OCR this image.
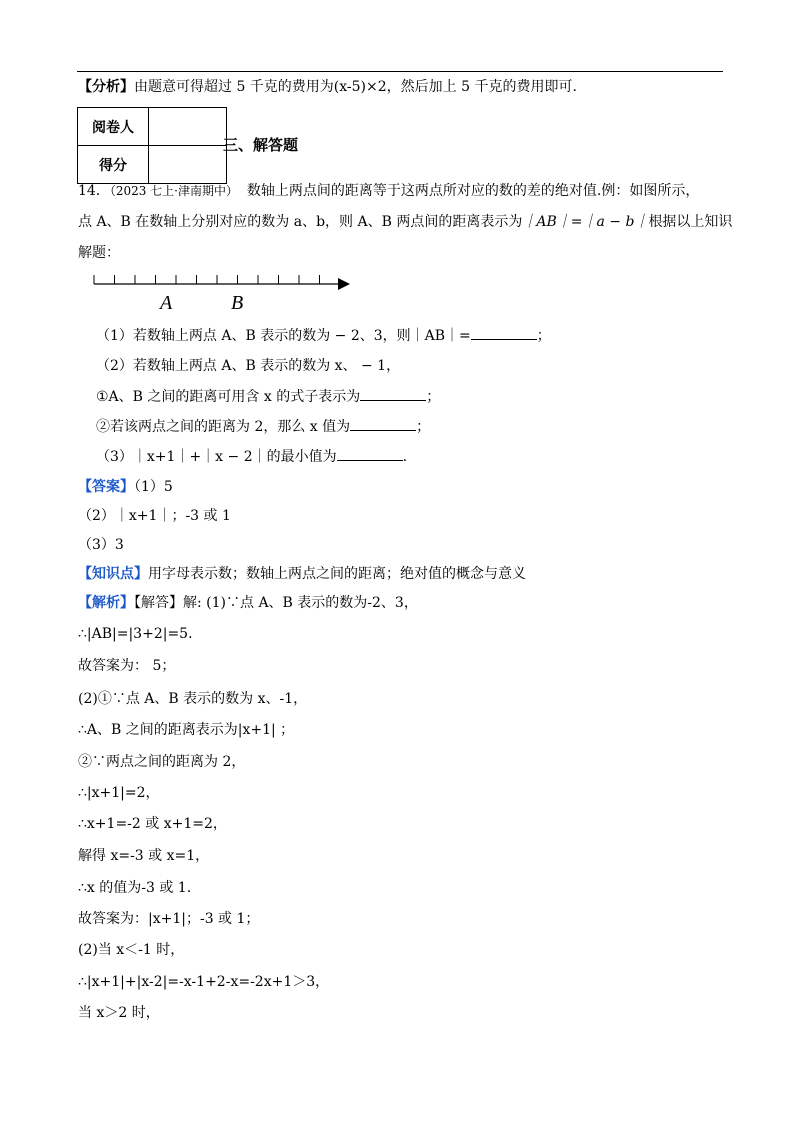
【分析】由题意可得超过 5 千克的费用为(x-5)×2，然后加上 5 千克的费用即可.
阅卷人	
得分	
三、解答题
14．（2023 七上·津南期中） 数轴上两点间的距离等于这两点所对应的数的差的绝对值.例：如图所示，
点 A、B 在数轴上分别对应的数为 a、b，则 A、B 两点间的距离表示为｜AB｜=｜a − b｜根据以上知识
解题：
A	B
（1）若数轴上两点 A、B 表示的数为 − 2、3，则｜AB｜=	；
（2）若数轴上两点 A、B 表示的数为 x、 − 1，
①A、B 之间的距离可用含 x 的式子表示为	；
②若该两点之间的距离为 2，那么 x 值为	；
（3）｜x+1｜+｜x − 2｜的最小值为	.
【答案】（1）5
（2）｜x+1｜；-3 或 1
（3）3
【知识点】用字母表示数；数轴上两点之间的距离；绝对值的概念与意义
【解析】【解答】解: (1)∵点 A、B 表示的数为-2、3，
∴|AB|=|3+2|=5.
故答案为： 5；
(2)①∵点 A、B 表示的数为 x、-1，
∴A、B 之间的距离表示为|x+1| ；
②∵两点之间的距离为 2，
∴|x+1|=2，
∴x+1=-2 或 x+1=2，
解得 x=-3 或 x=1，
∴x 的值为-3 或 1.
故答案为：|x+1|；-3 或 1；
(2)当 x＜-1 时，
∴|x+1|+|x-2|=-x-1+2-x=-2x+1＞3，
当 x＞2 时，
